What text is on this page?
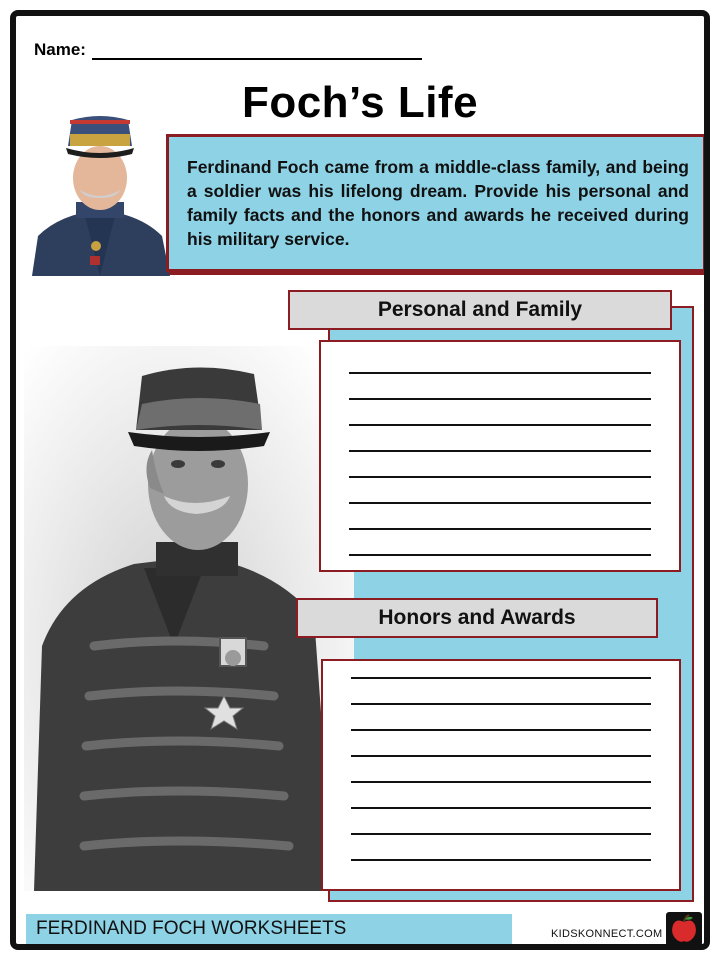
Name:
Foch’s Life

Ferdinand Foch came from a middle-class family, and being a soldier was his lifelong dream. Provide his personal and family facts and the honors and awards he received during his military service.

Personal and Family
Honors and Awards
FERDINAND FOCH WORKSHEETS	KIDSKONNECT.COM
